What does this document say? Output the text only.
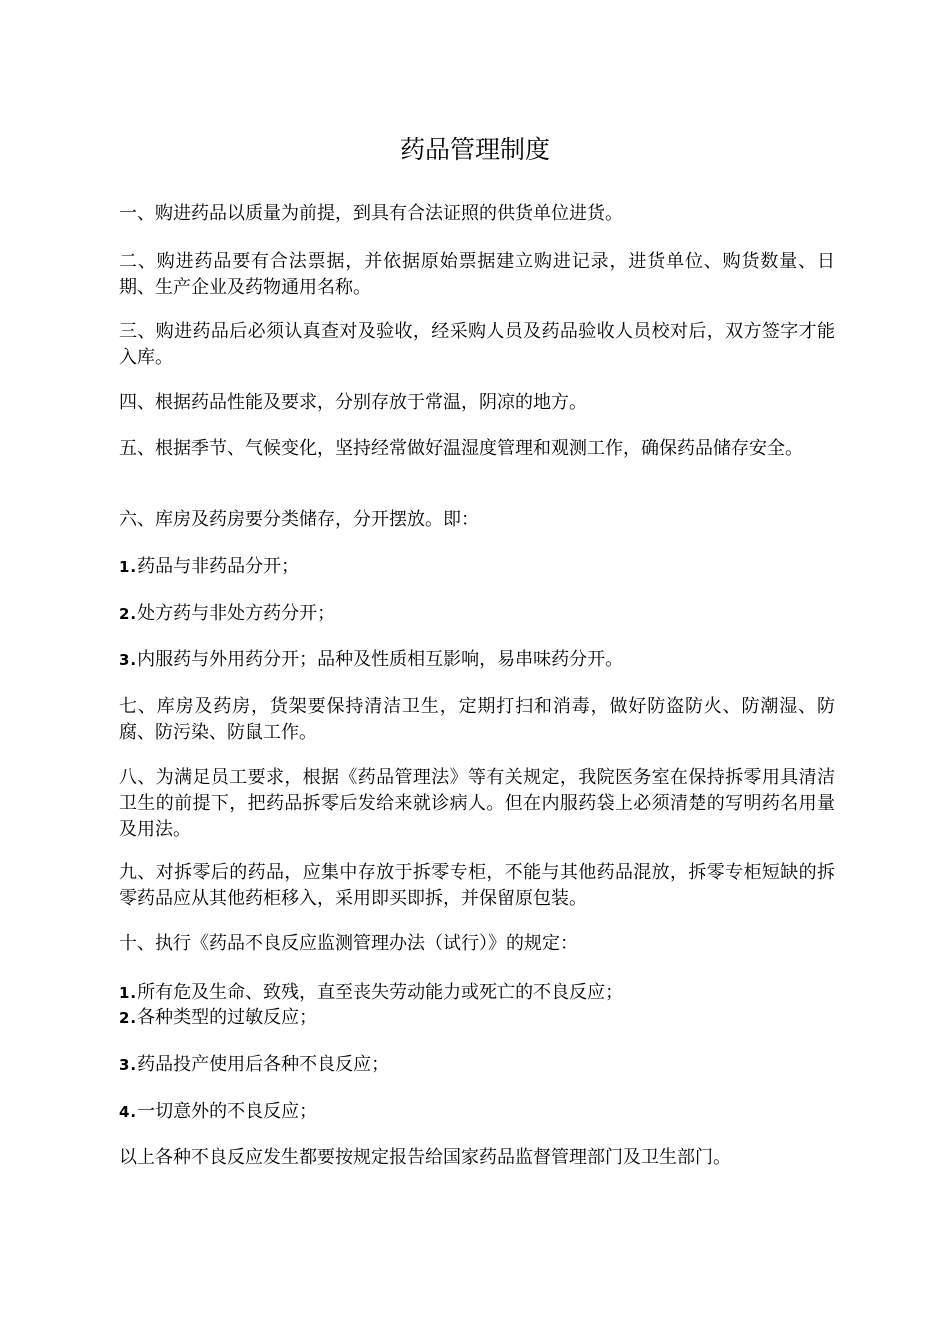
药品管理制度

一、购进药品以质量为前提，到具有合法证照的供货单位进货。

二、购进药品要有合法票据，并依据原始票据建立购进记录，进货单位、购货数量、日期、生产企业及药物通用名称。

三、购进药品后必须认真查对及验收，经采购人员及药品验收人员校对后，双方签字才能入库。

四、根据药品性能及要求，分别存放于常温，阴凉的地方。

五、根据季节、气候变化，坚持经常做好温湿度管理和观测工作，确保药品储存安全。

六、库房及药房要分类储存，分开摆放。即：

1.药品与非药品分开；

2.处方药与非处方药分开；

3.内服药与外用药分开；品种及性质相互影响，易串味药分开。

七、库房及药房，货架要保持清洁卫生，定期打扫和消毒，做好防盗防火、防潮湿、防腐、防污染、防鼠工作。

八、为满足员工要求，根据《药品管理法》等有关规定，我院医务室在保持拆零用具清洁卫生的前提下，把药品拆零后发给来就诊病人。但在内服药袋上必须清楚的写明药名用量及用法。

九、对拆零后的药品，应集中存放于拆零专柜，不能与其他药品混放，拆零专柜短缺的拆零药品应从其他药柜移入，采用即买即拆，并保留原包装。

十、执行《药品不良反应监测管理办法（试行）》的规定：

1.所有危及生命、致残，直至丧失劳动能力或死亡的不良反应；

2.各种类型的过敏反应；

3.药品投产使用后各种不良反应；

4.一切意外的不良反应；

以上各种不良反应发生都要按规定报告给国家药品监督管理部门及卫生部门。
